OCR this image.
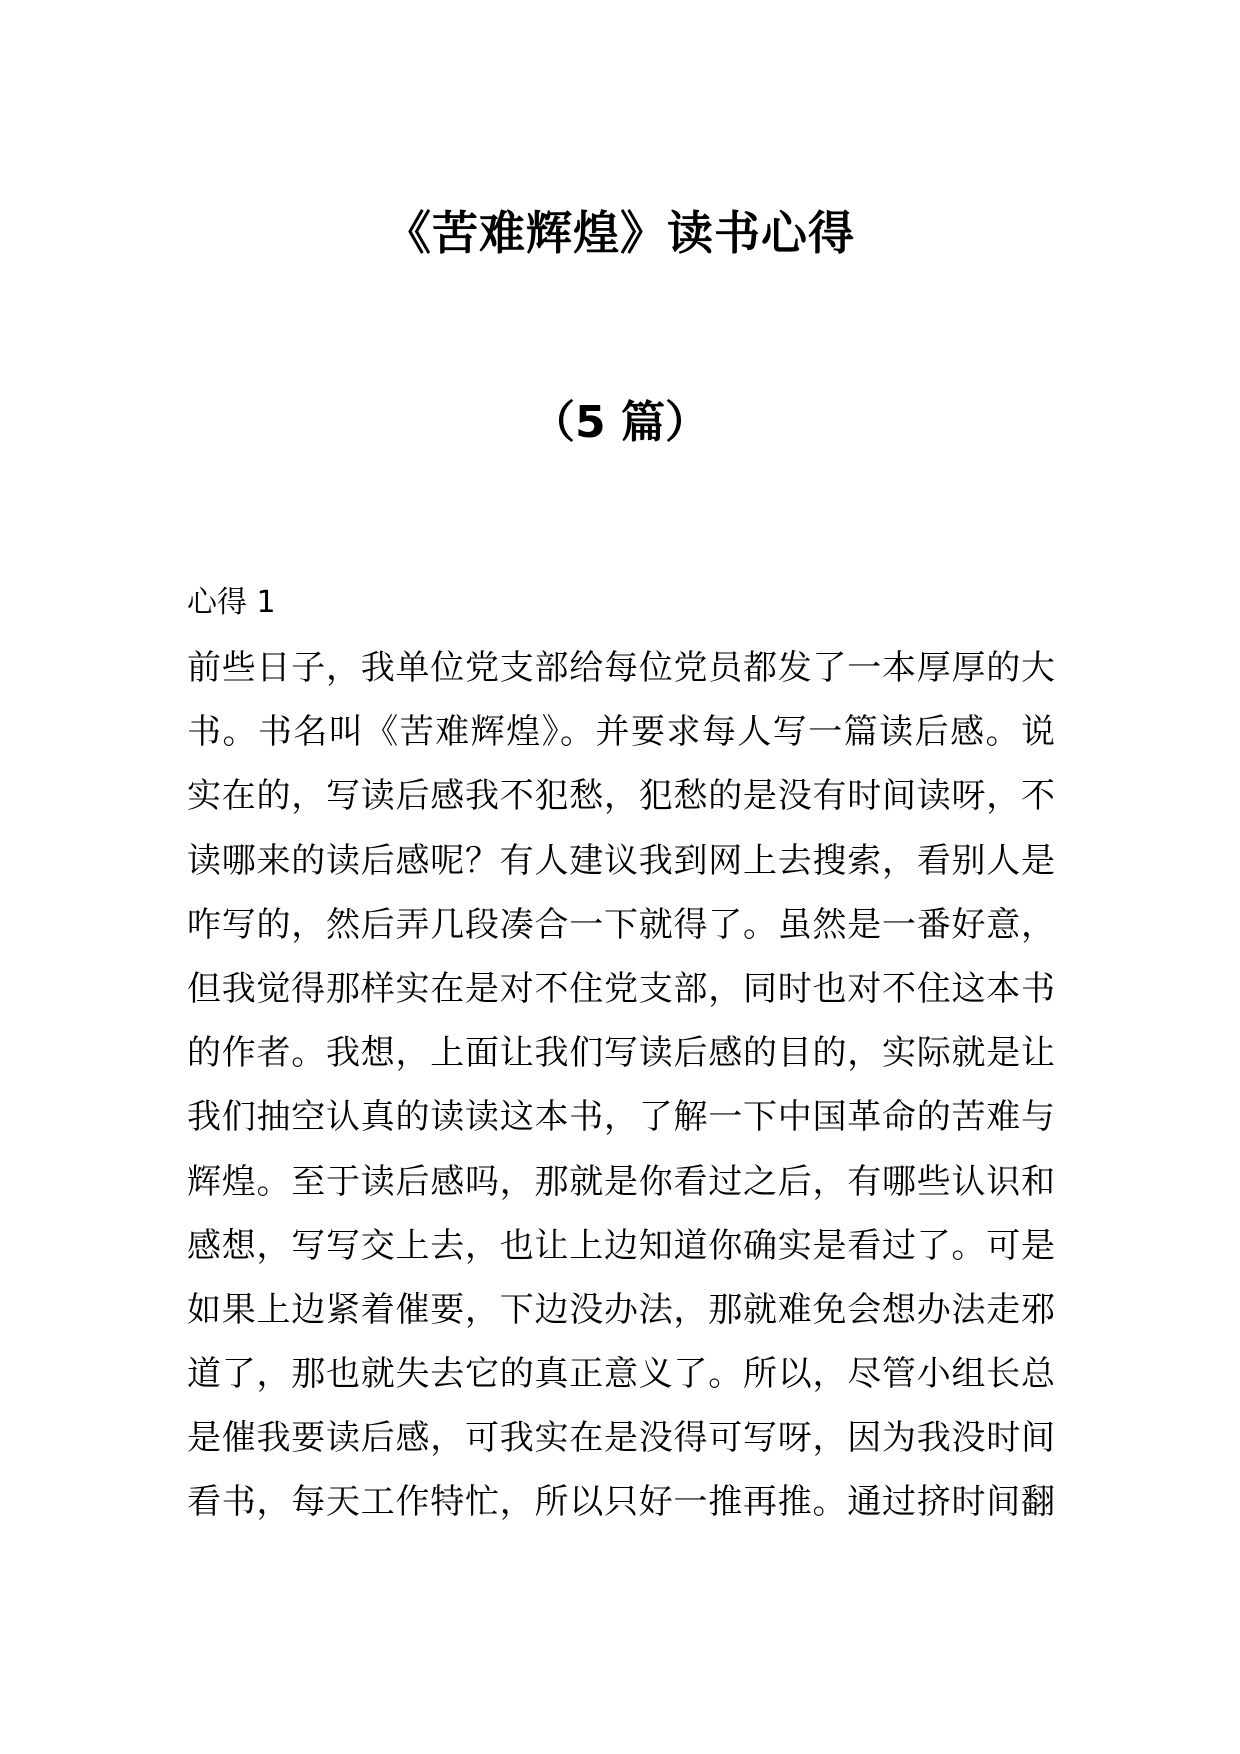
《苦难辉煌》读书心得
（5 篇）
心得 1
前些日子，我单位党支部给每位党员都发了一本厚厚的大
书。书名叫《苦难辉煌》。并要求每人写一篇读后感。说
实在的，写读后感我不犯愁，犯愁的是没有时间读呀，不
读哪来的读后感呢？有人建议我到网上去搜索，看别人是
咋写的，然后弄几段凑合一下就得了。虽然是一番好意，
但我觉得那样实在是对不住党支部，同时也对不住这本书
的作者。我想，上面让我们写读后感的目的，实际就是让
我们抽空认真的读读这本书，了解一下中国革命的苦难与
辉煌。至于读后感吗，那就是你看过之后，有哪些认识和
感想，写写交上去，也让上边知道你确实是看过了。可是
如果上边紧着催要，下边没办法，那就难免会想办法走邪
道了，那也就失去它的真正意义了。所以，尽管小组长总
是催我要读后感，可我实在是没得可写呀，因为我没时间
看书，每天工作特忙，所以只好一推再推。通过挤时间翻
